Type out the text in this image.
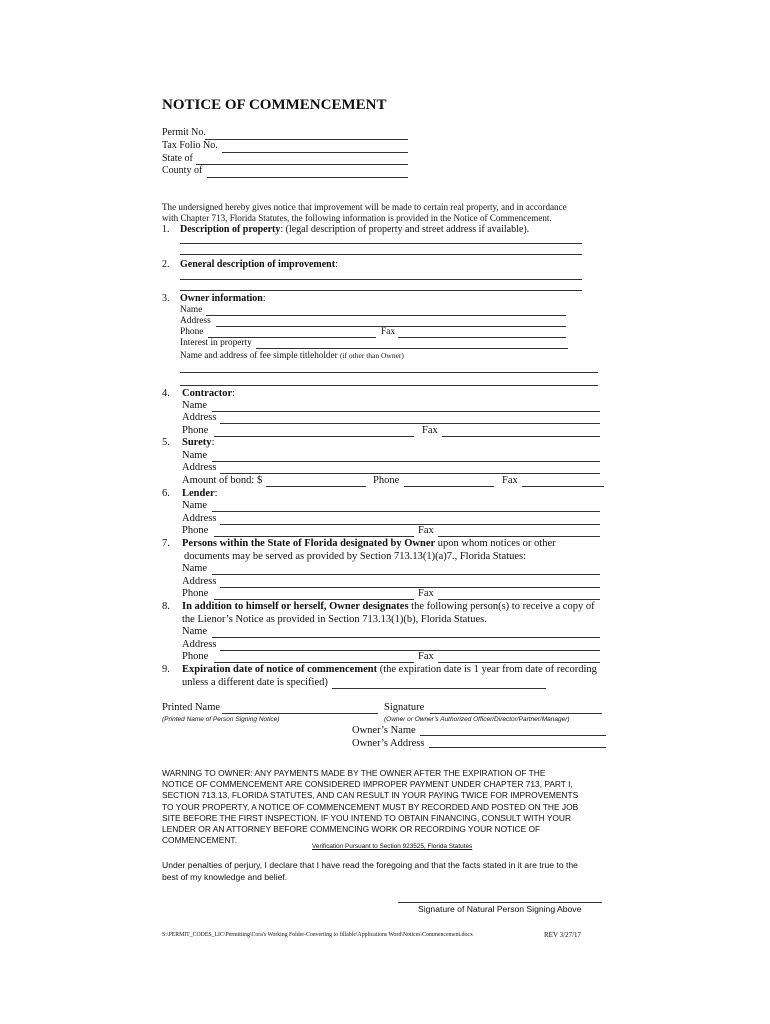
NOTICE OF COMMENCEMENT
Permit No.
Tax Folio No.
State of
County of
The undersigned hereby gives notice that improvement will be made to certain real property, and in accordance
with Chapter 713, Florida Statutes, the following information is provided in the Notice of Commencement.
1. Description of property: (legal description of property and street address if available).
2. General description of improvement:
3. Owner information:
Name
Address
Phone	Fax
Interest in property
Name and address of fee simple titleholder (if other than Owner)
4. Contractor:
Name
Address
Phone	Fax
5. Surety:
Name
Address
Amount of bond: $	Phone	Fax
6. Lender:
Name
Address
Phone	Fax
7. Persons within the State of Florida designated by Owner upon whom notices or other
documents may be served as provided by Section 713.13(1)(a)7., Florida Statues:
Name
Address
Phone	Fax
8. In addition to himself or herself, Owner designates the following person(s) to receive a copy of
the Lienor’s Notice as provided in Section 713.13(1)(b), Florida Statues.
Name
Address
Phone	Fax
9. Expiration date of notice of commencement (the expiration date is 1 year from date of recording
unless a different date is specified)
Printed Name
(Printed Name of Person Signing Notice)
Signature
(Owner or Owner’s Authorized Officer/Director/Partner/Manager)
Owner’s Name
Owner’s Address
WARNING TO OWNER: ANY PAYMENTS MADE BY THE OWNER AFTER THE EXPIRATION OF THE
NOTICE OF COMMENCEMENT ARE CONSIDERED IMPROPER PAYMENT UNDER CHAPTER 713, PART I,
SECTION 713.13, FLORIDA STATUTES, AND CAN RESULT IN YOUR PAYING TWICE FOR IMPROVEMENTS
TO YOUR PROPERTY, A NOTICE OF COMMENCEMENT MUST BY RECORDED AND POSTED ON THE JOB
SITE BEFORE THE FIRST INSPECTION. IF YOU INTEND TO OBTAIN FINANCING, CONSULT WITH YOUR
LENDER OR AN ATTORNEY BEFORE COMMENCING WORK OR RECORDING YOUR NOTICE OF
COMMENCEMENT.
Verification Pursuant to Section 923525, Florida Statutes
Under penalties of perjury, I declare that I have read the foregoing and that the facts stated in it are true to the
best of my knowledge and belief.
Signature of Natural Person Signing Above
S:\PERMIT_CODES_LIC\Permitting\Cora's Working Folder-Converting to fillable\Applications Word\Notices\Commencement.docx	REV 3/27/17
